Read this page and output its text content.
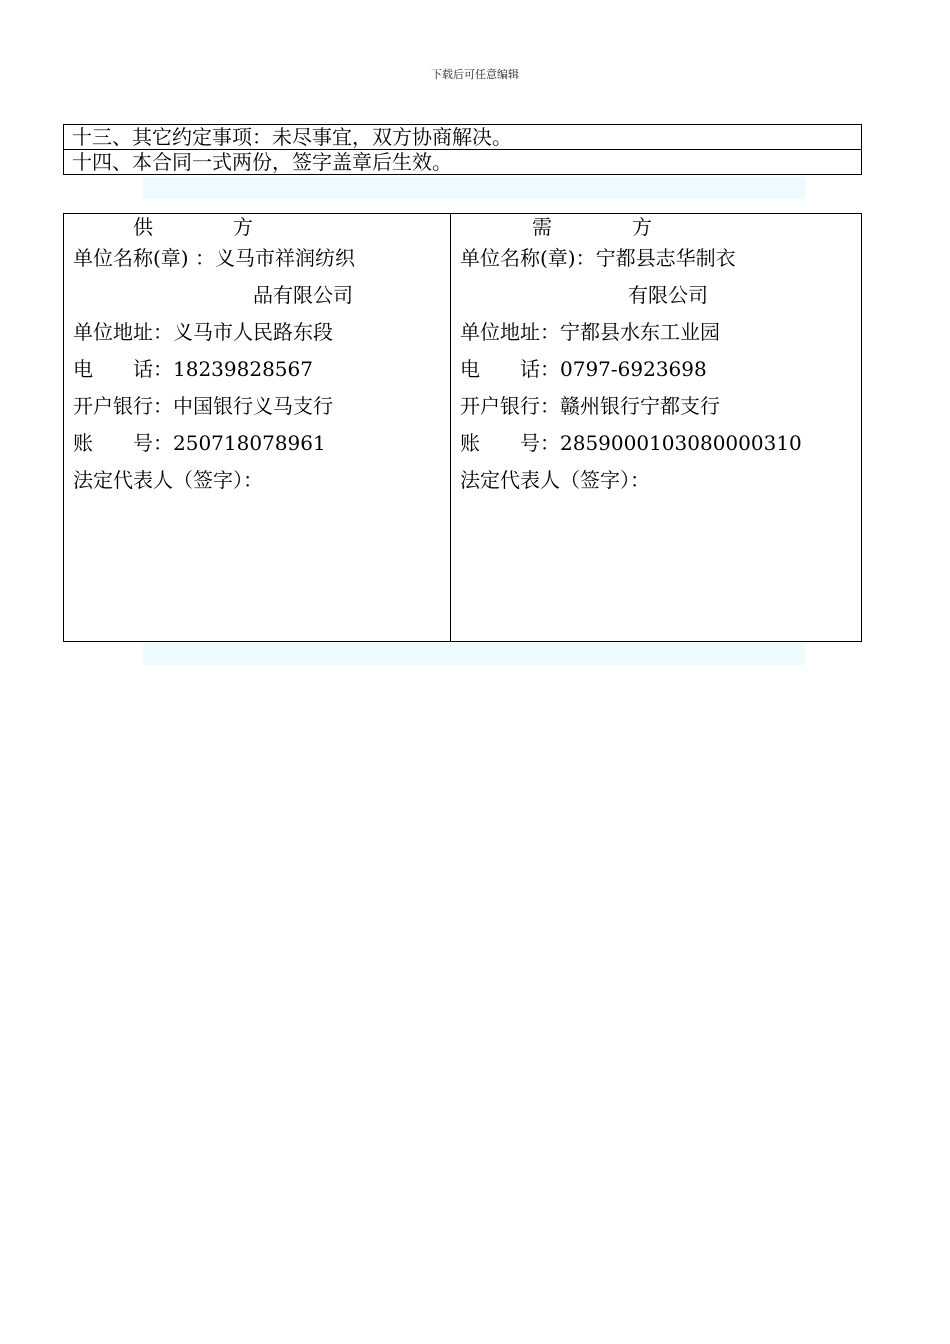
下载后可任意编辑
十三、其它约定事项：未尽事宜，双方协商解决。
十四、本合同一式两份，签字盖章后生效。
供	方
单位名称(章) ：义马市祥润纺织
品有限公司
单位地址：义马市人民路东段
电 话：18239828567
开户银行：中国银行义马支行
账 号：250718078961
法定代表人（签字）：
需	方
单位名称(章)：宁都县志华制衣
有限公司
单位地址：宁都县水东工业园
电 话：0797-6923698
开户银行：赣州银行宁都支行
账 号：2859000103080000310
法定代表人（签字）：
